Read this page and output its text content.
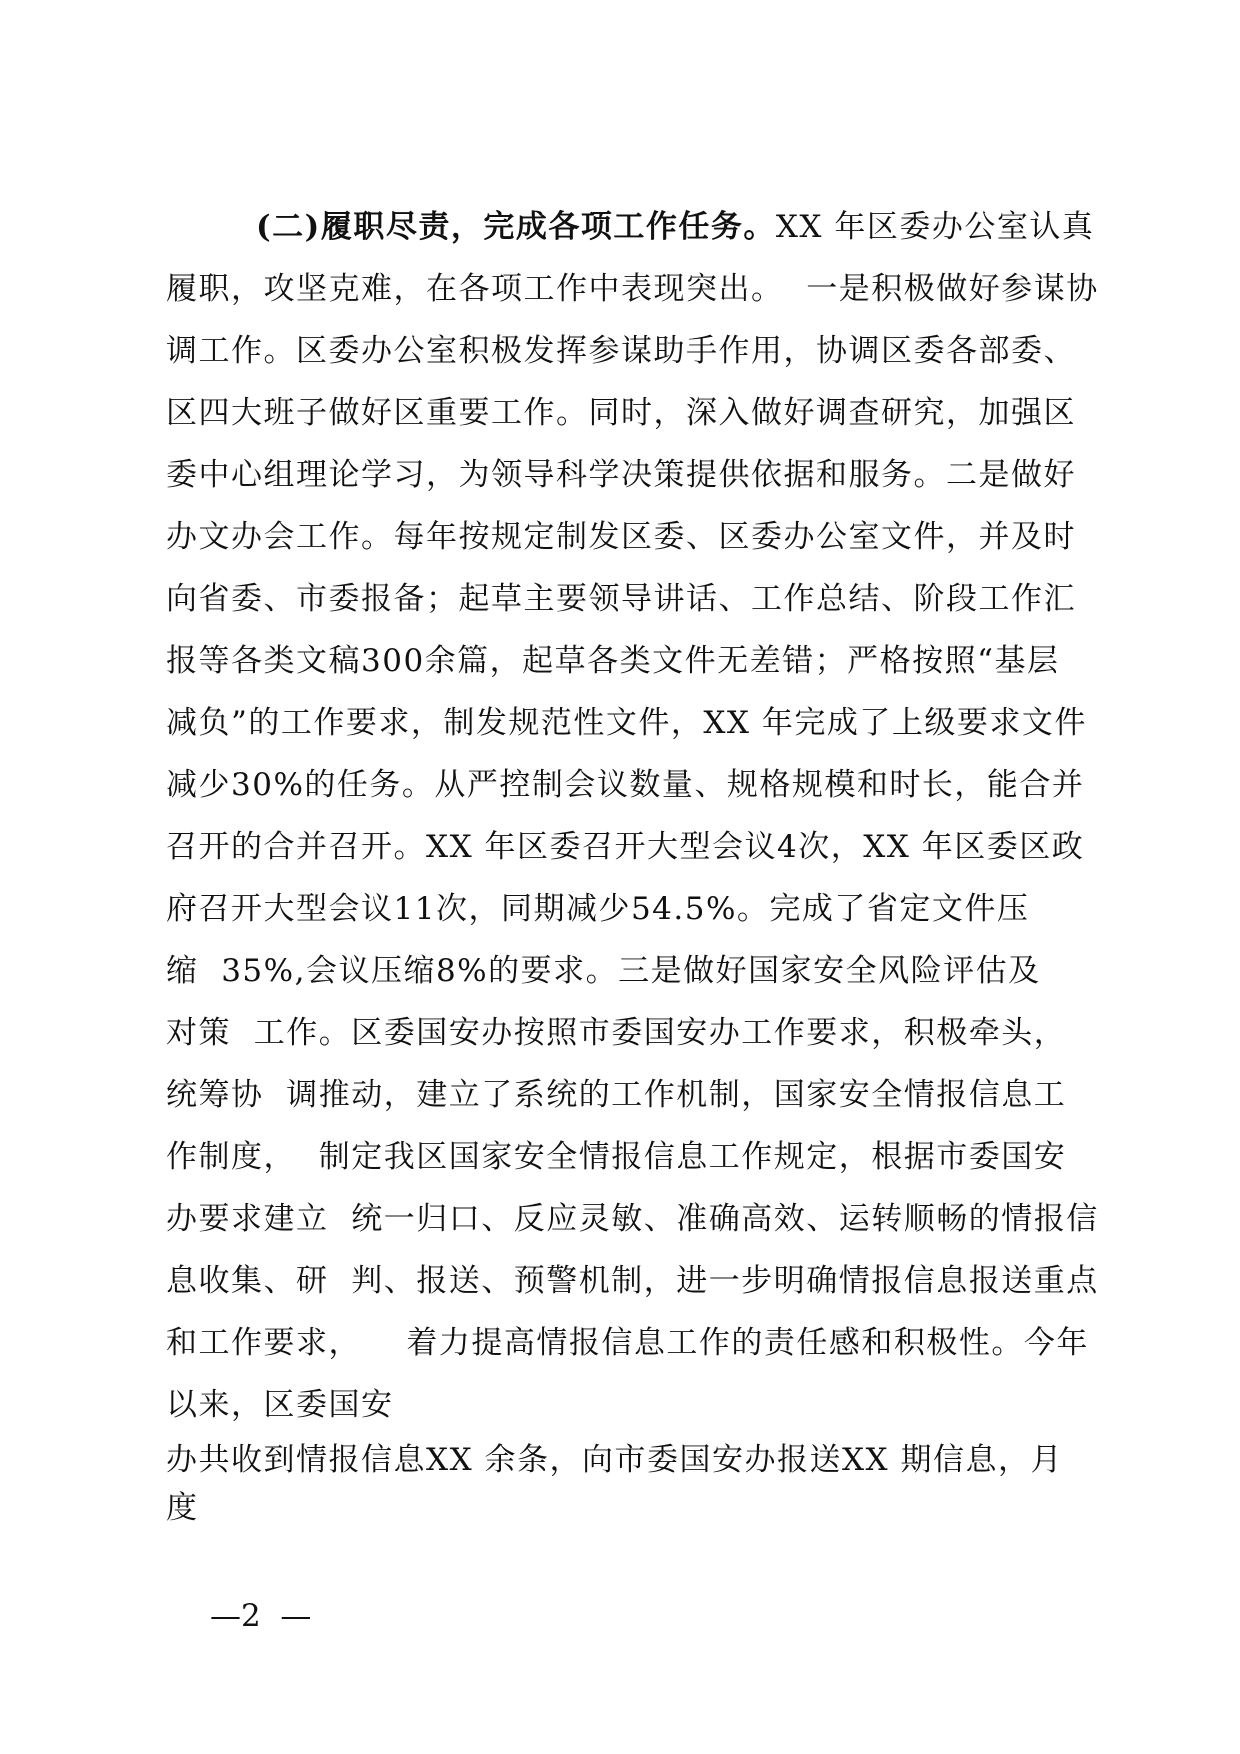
(二)履职尽责，完成各项工作任务。XX 年区委办公室认真
履职，攻坚克难，在各项工作中表现突出。  一是积极做好参谋协
调工作。区委办公室积极发挥参谋助手作用，协调区委各部委、
区四大班子做好区重要工作。同时，深入做好调查研究，加强区
委中心组理论学习，为领导科学决策提供依据和服务。二是做好
办文办会工作。每年按规定制发区委、区委办公室文件，并及时
向省委、市委报备；起草主要领导讲话、工作总结、阶段工作汇
报等各类文稿300余篇，起草各类文件无差错；严格按照“基层
减负”的工作要求，制发规范性文件，XX 年完成了上级要求文件
减少30%的任务。从严控制会议数量、规格规模和时长，能合并
召开的合并召开。XX 年区委召开大型会议4次，XX 年区委区政
府召开大型会议11次，同期减少54.5%。完成了省定文件压
缩  35%,会议压缩8%的要求。三是做好国家安全风险评估及
对策  工作。区委国安办按照市委国安办工作要求，积极牵头，
统筹协  调推动，建立了系统的工作机制，国家安全情报信息工
作制度，  制定我区国家安全情报信息工作规定，根据市委国安
办要求建立  统一归口、反应灵敏、准确高效、运转顺畅的情报信
息收集、研  判、报送、预警机制，进一步明确情报信息报送重点
和工作要求，    着力提高情报信息工作的责任感和积极性。今年
以来，区委国安
办共收到情报信息XX 余条，向市委国安办报送XX 期信息，月
度
—2  —
